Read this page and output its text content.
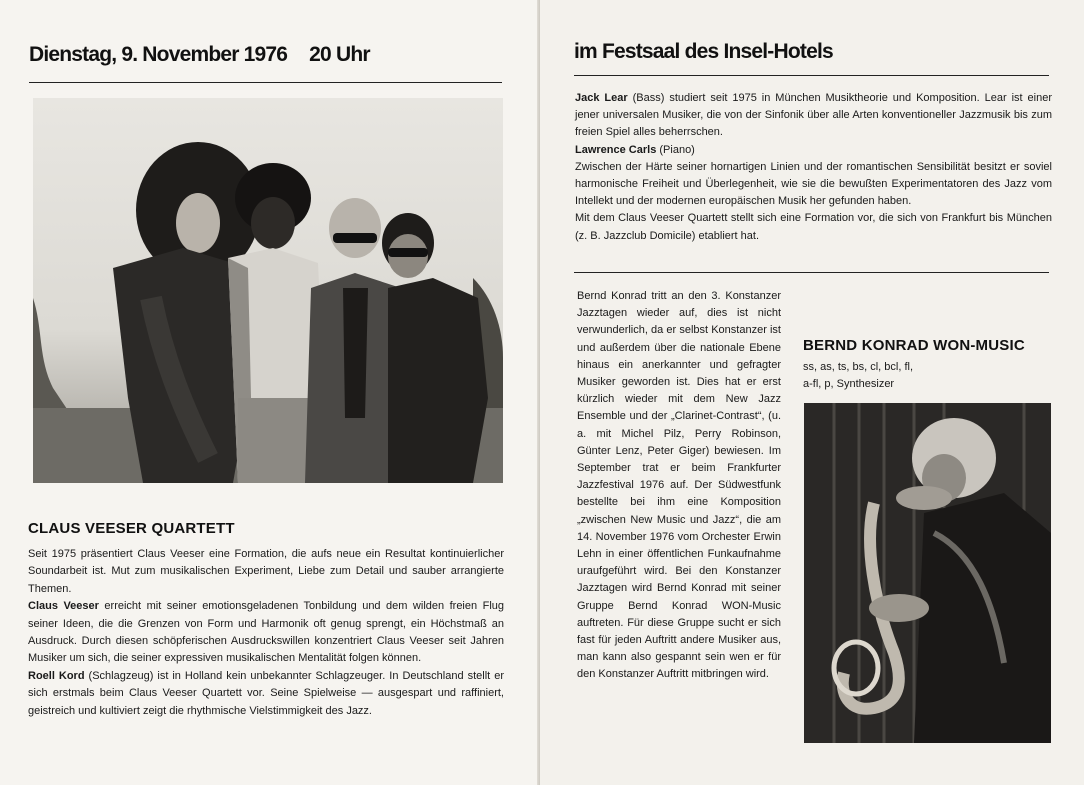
Dienstag, 9. November 1976 20 Uhr
CLAUS VEESER QUARTETT

Seit 1975 präsentiert Claus Veeser eine Formation, die aufs neue ein Resultat kontinuierlicher Soundarbeit ist. Mut zum musikalischen Experiment, Liebe zum Detail und sauber arrangierte Themen.

Claus Veeser erreicht mit seiner emotionsgeladenen Tonbildung und dem wilden freien Flug seiner Ideen, die die Grenzen von Form und Harmonik oft genug sprengt, ein Höchstmaß an Ausdruck. Durch diesen schöpferischen Ausdruckswillen konzentriert Claus Veeser seit Jahren Musiker um sich, die seiner expressiven musikalischen Mentalität folgen können.

Roell Kord (Schlagzeug) ist in Holland kein unbekannter Schlagzeuger. In Deutschland stellt er sich erstmals beim Claus Veeser Quartett vor. Seine Spielweise — ausgespart und raffiniert, geistreich und kultiviert zeigt die rhythmische Vielstimmigkeit des Jazz.

im Festsaal des Insel-Hotels

Jack Lear (Bass) studiert seit 1975 in München Musiktheorie und Komposition. Lear ist einer jener universalen Musiker, die von der Sinfonik über alle Arten konventioneller Jazzmusik bis zum freien Spiel alles beherrschen.

Lawrence Carls (Piano)

Zwischen der Härte seiner hornartigen Linien und der romantischen Sensibilität besitzt er soviel harmonische Freiheit und Überlegenheit, wie sie die bewußten Experimentatoren des Jazz vom Intellekt und der modernen europäischen Musik her gefunden haben.

Mit dem Claus Veeser Quartett stellt sich eine Formation vor, die sich von Frankfurt bis München (z. B. Jazzclub Domicile) etabliert hat.

Bernd Konrad tritt an den 3. Konstanzer Jazztagen wieder auf, dies ist nicht verwunderlich, da er selbst Konstanzer ist und außerdem über die nationale Ebene hinaus ein anerkannter und gefragter Musiker geworden ist. Dies hat er erst kürzlich wieder mit dem New Jazz Ensemble und der „Clarinet-Contrast“, (u. a. mit Michel Pilz, Perry Robinson, Günter Lenz, Peter Giger) bewiesen. Im September trat er beim Frankfurter Jazzfestival 1976 auf. Der Südwestfunk bestellte bei ihm eine Komposition „zwischen New Music und Jazz“, die am 14. November 1976 vom Orchester Erwin Lehn in einer öffentlichen Funkaufnahme uraufgeführt wird. Bei den Konstanzer Jazztagen wird Bernd Konrad mit seiner Gruppe Bernd Konrad WON-Music auftreten. Für diese Gruppe sucht er sich fast für jeden Auftritt andere Musiker aus, man kann also gespannt sein wen er für den Konstanzer Auftritt mitbringen wird.
BERND KONRAD WON-MUSIC
ss, as, ts, bs, cl, bcl, fl,
a-fl, p, Synthesizer
